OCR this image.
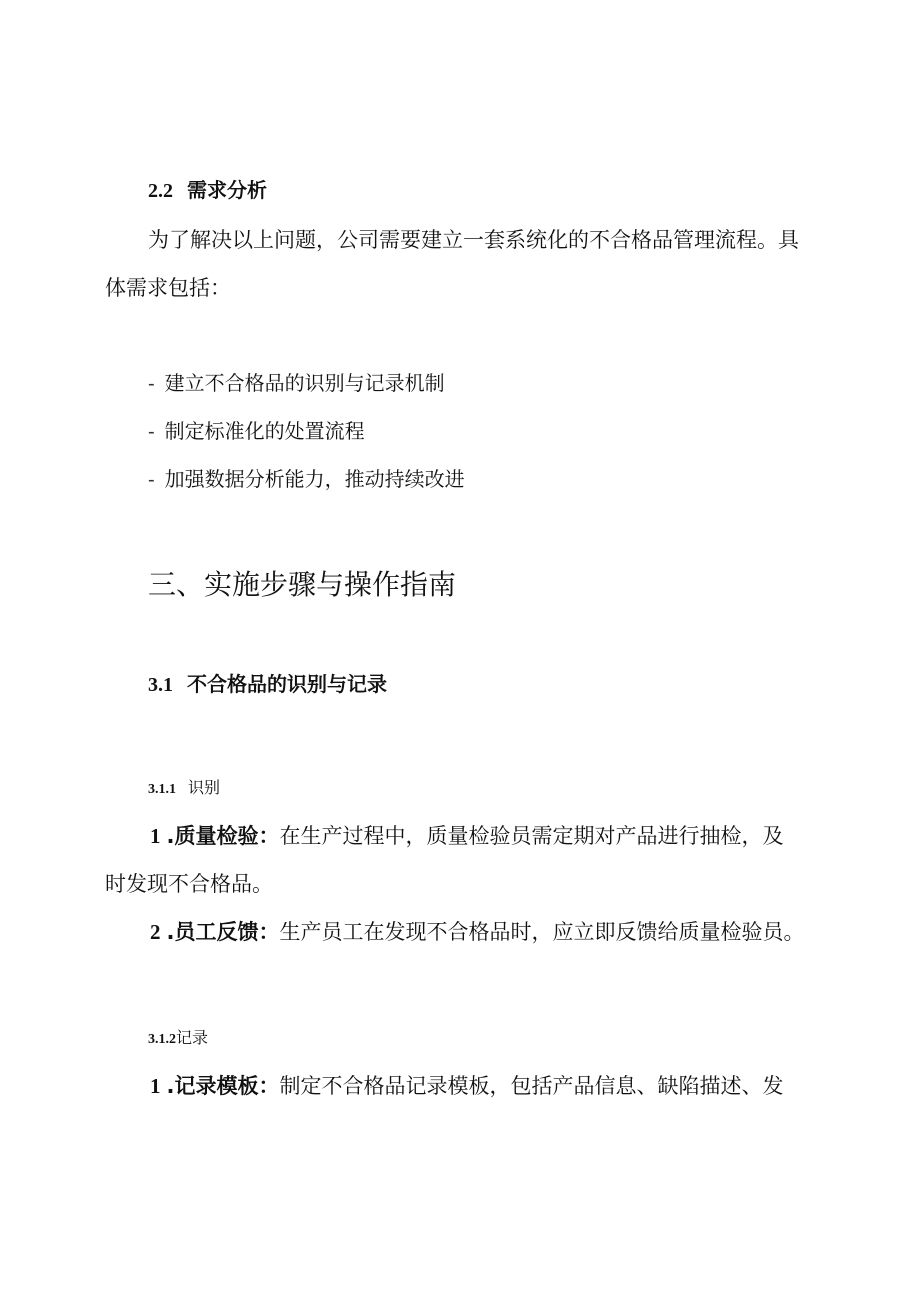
2.2 需求分析
为了解决以上问题，公司需要建立一套系统化的不合格品管理流程。具
体需求包括：
- 建立不合格品的识别与记录机制
- 制定标准化的处置流程
- 加强数据分析能力，推动持续改进
三、实施步骤与操作指南
3.1 不合格品的识别与记录
3.1.1 识别
1 .质量检验：在生产过程中，质量检验员需定期对产品进行抽检，及
时发现不合格品。
2 .员工反馈：生产员工在发现不合格品时，应立即反馈给质量检验员。
3.1.2记录
1 .记录模板：制定不合格品记录模板，包括产品信息、缺陷描述、发
